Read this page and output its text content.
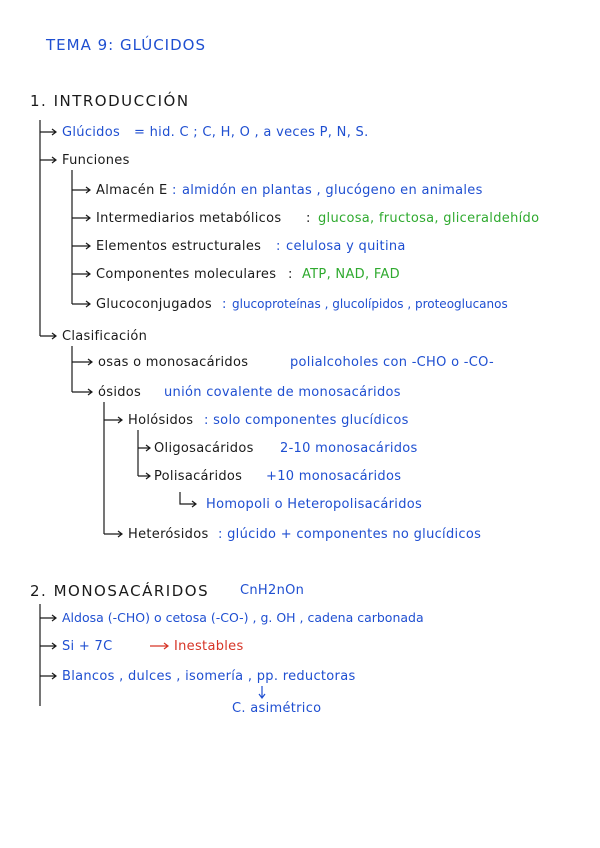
TEMA 9: GLÚCIDOS
1. INTRODUCCIÓN
Glúcidos = hid. C ; C, H, O , a veces P, N, S.
Funciones
Almacén E : almidón en plantas , glucógeno en animales
Intermediarios metabólicos : glucosa, fructosa, gliceraldehído
Elementos estructurales : celulosa y quitina
Componentes moleculares : ATP, NAD, FAD
Glucoconjugados : glucoproteínas , glucolípidos , proteoglucanos
Clasificación
osas o monosacáridos	polialcoholes con -CHO o -CO-
ósidos unión covalente de monosacáridos
Holósidos : solo componentes glucídicos
Oligosacáridos 2-10 monosacáridos
Polisacáridos +10 monosacáridos
Homopoli o Heteropolisacáridos
Heterósidos : glúcido + componentes no glucídicos
2. MONOSACÁRIDOS CnH2nOn
Aldosa (-CHO) o cetosa (-CO-) , g. OH , cadena carbonada
Si + 7C	Inestables
Blancos , dulces , isomería , pp. reductoras
C. asimétrico
